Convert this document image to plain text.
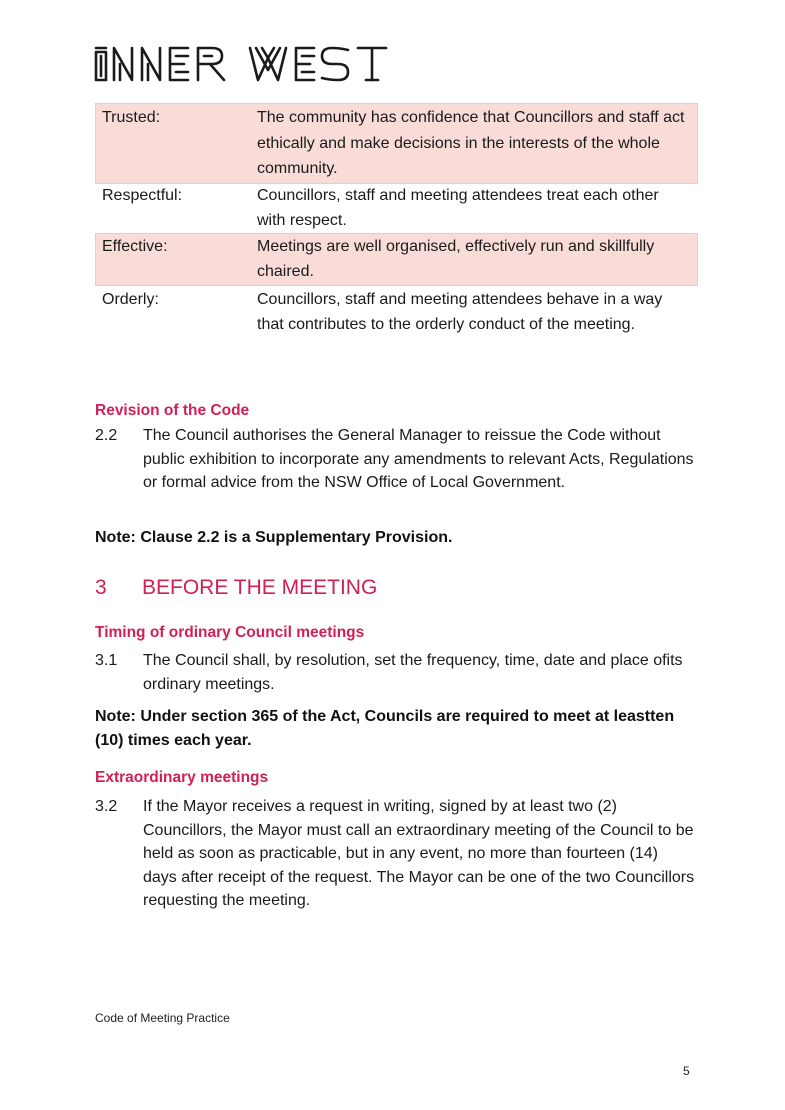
Trusted:	The community has confidence that Councillors and staff act ethically and make decisions in the interests of the whole community.
Respectful:	Councillors, staff and meeting attendees treat each other with respect.
Effective:	Meetings are well organised, effectively run and skillfully chaired.
Orderly:	Councillors, staff and meeting attendees behave in a way that contributes to the orderly conduct of the meeting.
Revision of the Code
2.2 The Council authorises the General Manager to reissue the Code without public exhibition to incorporate any amendments to relevant Acts, Regulations or formal advice from the NSW Office of Local Government.
Note: Clause 2.2 is a Supplementary Provision.
3 BEFORE THE MEETING
Timing of ordinary Council meetings
3.1 The Council shall, by resolution, set the frequency, time, date and place ofits ordinary meetings.
Note: Under section 365 of the Act, Councils are required to meet at leastten (10) times each year.
Extraordinary meetings
3.2 If the Mayor receives a request in writing, signed by at least two (2) Councillors, the Mayor must call an extraordinary meeting of the Council to be held as soon as practicable, but in any event, no more than fourteen (14) days after receipt of the request. The Mayor can be one of the two Councillors requesting the meeting.
Code of Meeting Practice
5
